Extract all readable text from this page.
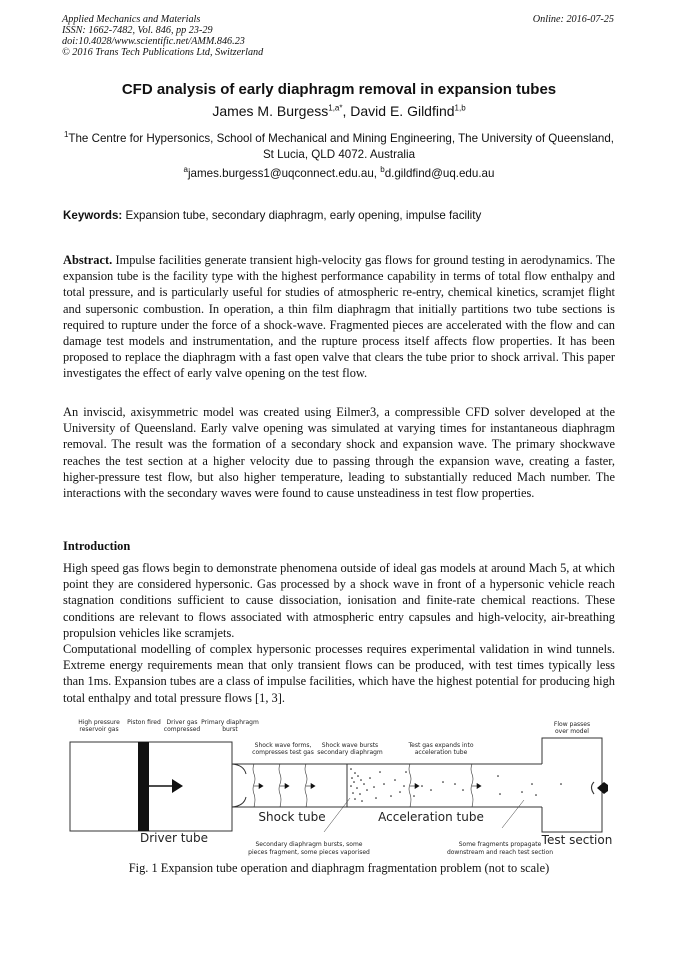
Applied Mechanics and Materials
ISSN: 1662-7482, Vol. 846, pp 23-29
doi:10.4028/www.scientific.net/AMM.846.23
© 2016 Trans Tech Publications Ltd, Switzerland
Online: 2016-07-25
CFD analysis of early diaphragm removal in expansion tubes
James M. Burgess$^{1,a*}$, David E. Gildfind$^{1,b}$
$^1$The Centre for Hypersonics, School of Mechanical and Mining Engineering, The University of Queensland, St Lucia, QLD 4072. Australia
$^a$james.burgess1@uqconnect.edu.au, $^b$d.gildfind@uq.edu.au
Keywords: Expansion tube, secondary diaphragm, early opening, impulse facility
Abstract. Impulse facilities generate transient high-velocity gas flows for ground testing in aerodynamics. The expansion tube is the facility type with the highest performance capability in terms of total flow enthalpy and total pressure, and is particularly useful for studies of atmospheric re-entry, chemical kinetics, scramjet flight and supersonic combustion. In operation, a thin film diaphragm that initially partitions two tube sections is required to rupture under the force of a shock-wave. Fragmented pieces are accelerated with the flow and can damage test models and instrumentation, and the rupture process itself affects flow properties. It has been proposed to replace the diaphragm with a fast open valve that clears the tube prior to shock arrival. This paper investigates the effect of early valve opening on the test flow.
An inviscid, axisymmetric model was created using Eilmer3, a compressible CFD solver developed at the University of Queensland. Early valve opening was simulated at varying times for instantaneous diaphragm removal. The result was the formation of a secondary shock and expansion wave. The primary shockwave reaches the test section at a higher velocity due to passing through the expansion wave, creating a faster, higher-pressure test flow, but also higher temperature, leading to substantially reduced Mach number. The interactions with the secondary waves were found to cause unsteadiness in test flow properties.
Introduction
High speed gas flows begin to demonstrate phenomena outside of ideal gas models at around Mach 5, at which point they are considered hypersonic. Gas processed by a shock wave in front of a hypersonic vehicle reach stagnation conditions sufficient to cause dissociation, ionisation and finite-rate chemical reactions. These conditions are relevant to flows associated with atmospheric entry capsules and high-velocity, air-breathing propulsion vehicles like scramjets.
Computational modelling of complex hypersonic processes requires experimental validation in wind tunnels. Extreme energy requirements mean that only transient flows can be produced, with test times typically less than 1ms. Expansion tubes are a class of impulse facilities, which have the highest potential for producing high total enthalpy and total pressure flows [1, 3].
High pressure
reservoir gas
Piston fired Driver gas
compressed
Primary diaphragm
burst
Shock wave forms,
compresses test gas
Shock wave bursts
secondary diaphragm
Test gas expands into
acceleration tube
Flow passes
over model
Secondary diaphragm bursts, some
pieces fragment, some pieces vaporised
Some fragments propagate
downstream and reach test section
Driver tube
Shock tube	Acceleration tube
Test section
Fig. 1 Expansion tube operation and diaphragm fragmentation problem (not to scale)
